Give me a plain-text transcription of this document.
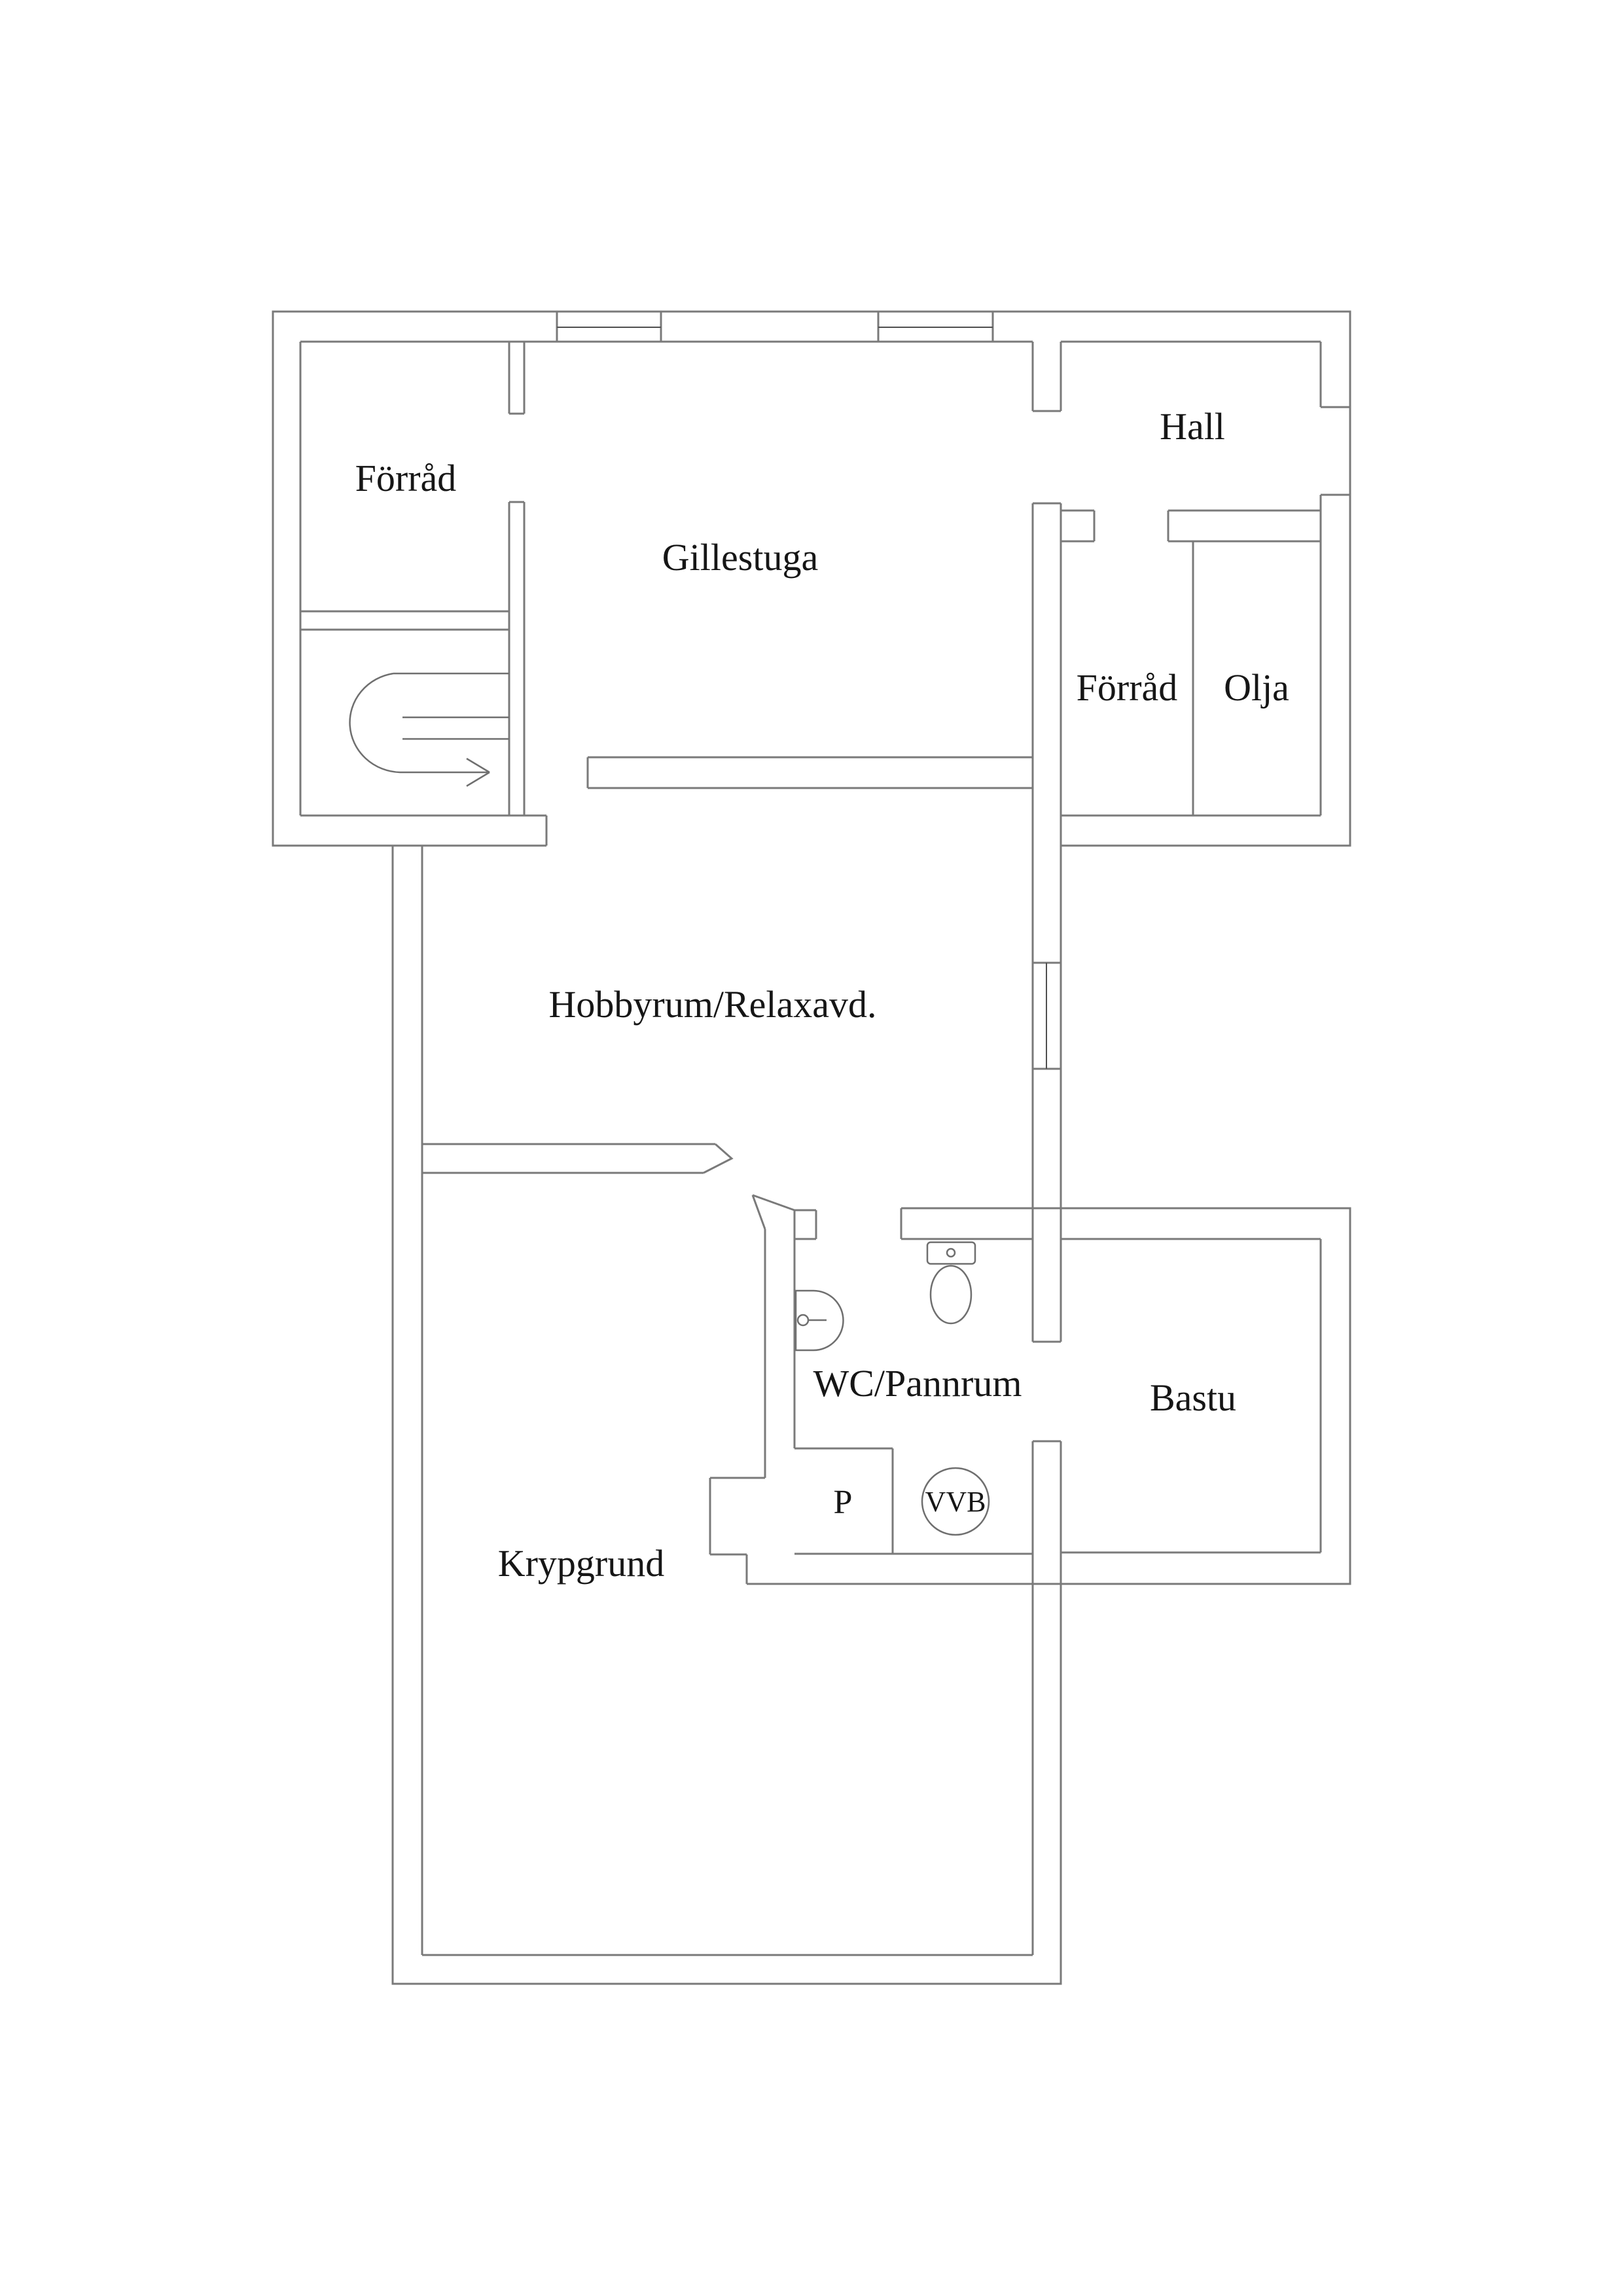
Förråd
Gillestuga
Hall
Förråd Olja
Hobbyrum/Relaxavd.
WC/Pannrum	Bastu
Krypgrund
P	VVB
